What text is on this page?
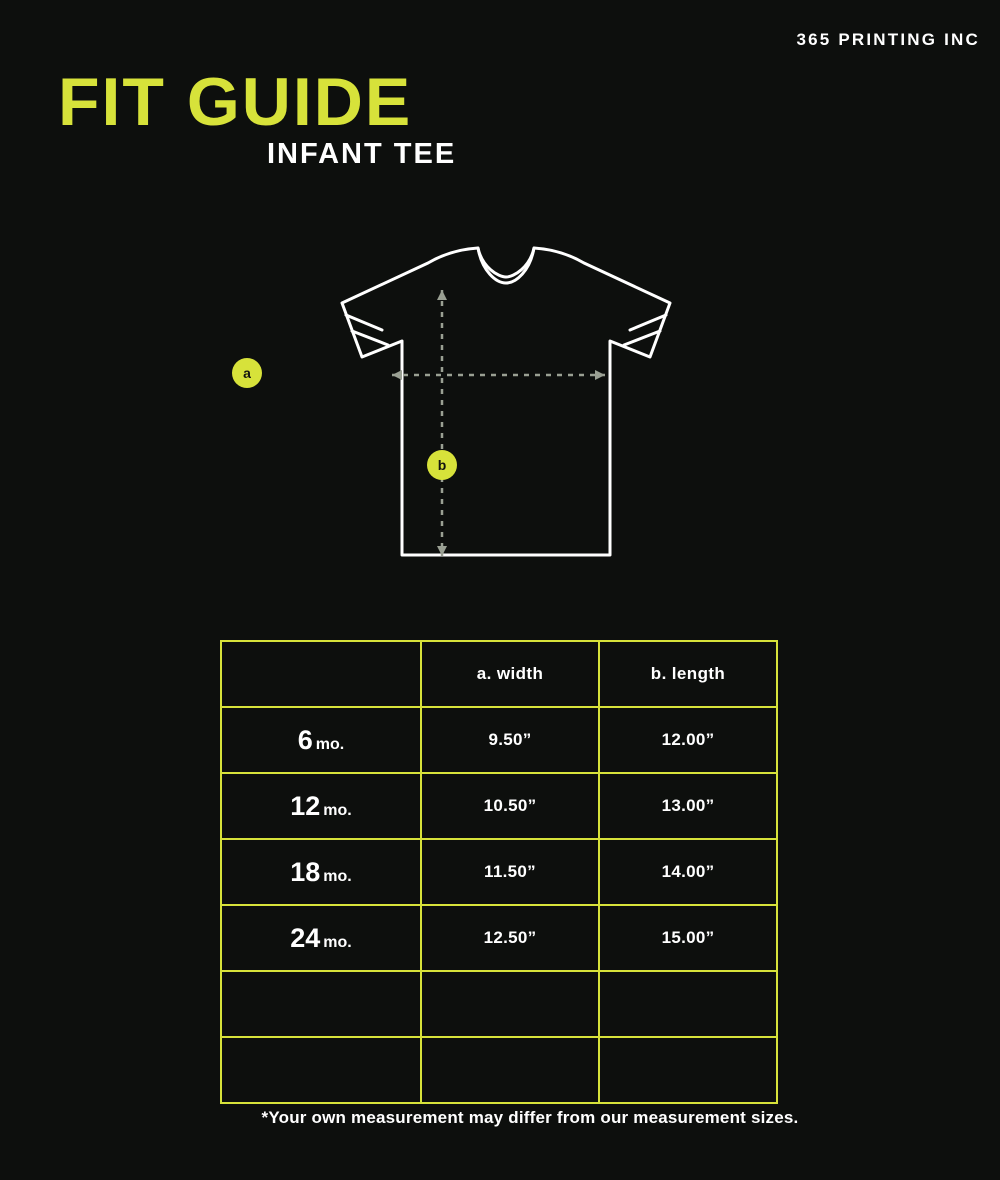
365 PRINTING INC
FIT GUIDE
INFANT TEE
a
b
	a. width	b. length
6 mo.	9.50”	12.00”
12 mo.	10.50”	13.00”
18 mo.	11.50”	14.00”
24 mo.	12.50”	15.00”

*Your own measurement may differ from our measurement sizes.
